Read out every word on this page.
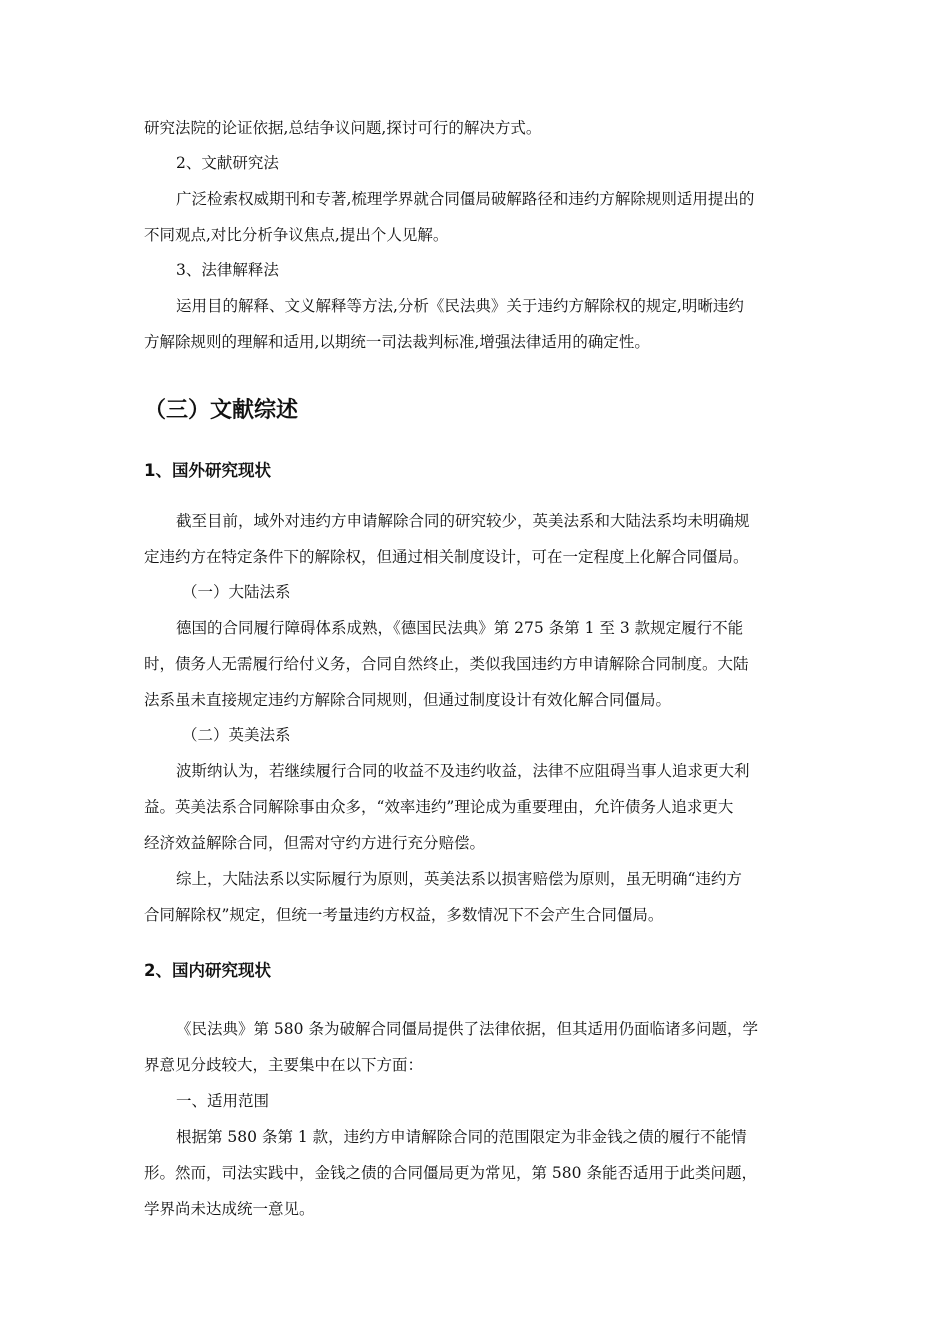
研究法院的论证依据,总结争议问题,探讨可行的解决方式。

2、文献研究法

广泛检索权威期刊和专著,梳理学界就合同僵局破解路径和违约方解除规则适用提出的

不同观点,对比分析争议焦点,提出个人见解。

3、法律解释法

运用目的解释、文义解释等方法,分析《民法典》关于违约方解除权的规定,明晰违约

方解除规则的理解和适用,以期统一司法裁判标准,增强法律适用的确定性。

（三）文献综述
1、国外研究现状

截至目前，域外对违约方申请解除合同的研究较少，英美法系和大陆法系均未明确规

定违约方在特定条件下的解除权，但通过相关制度设计，可在一定程度上化解合同僵局。

（一）大陆法系

德国的合同履行障碍体系成熟，《德国民法典》第 275 条第 1 至 3 款规定履行不能

时，债务人无需履行给付义务，合同自然终止，类似我国违约方申请解除合同制度。大陆

法系虽未直接规定违约方解除合同规则，但通过制度设计有效化解合同僵局。

（二）英美法系

波斯纳认为，若继续履行合同的收益不及违约收益，法律不应阻碍当事人追求更大利

益。英美法系合同解除事由众多，“效率违约”理论成为重要理由，允许债务人追求更大

经济效益解除合同，但需对守约方进行充分赔偿。

综上，大陆法系以实际履行为原则，英美法系以损害赔偿为原则，虽无明确“违约方

合同解除权”规定，但统一考量违约方权益，多数情况下不会产生合同僵局。

2、国内研究现状

《民法典》第 580 条为破解合同僵局提供了法律依据，但其适用仍面临诸多问题，学

界意见分歧较大，主要集中在以下方面：

一、适用范围

根据第 580 条第 1 款，违约方申请解除合同的范围限定为非金钱之债的履行不能情

形。然而，司法实践中，金钱之债的合同僵局更为常见，第 580 条能否适用于此类问题，

学界尚未达成统一意见。
